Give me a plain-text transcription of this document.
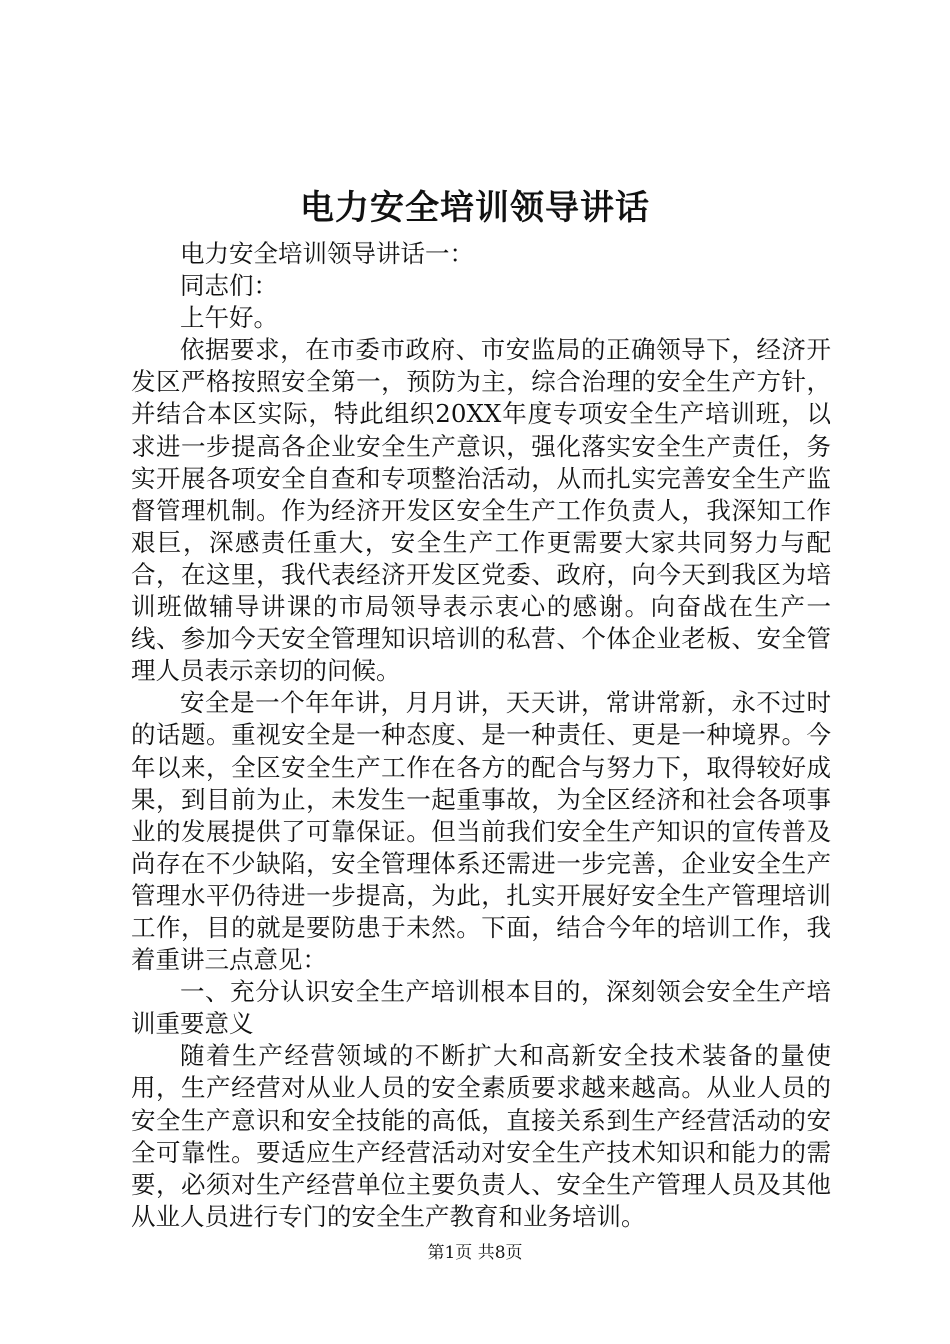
电力安全培训领导讲话

电力安全培训领导讲话一：

同志们：

上午好。

依据要求，在市委市政府、市安监局的正确领导下，经济开发区严格按照安全第一，预防为主，综合治理的安全生产方针，并结合本区实际，特此组织20XX年度专项安全生产培训班，以求进一步提高各企业安全生产意识，强化落实安全生产责任，务实开展各项安全自查和专项整治活动，从而扎实完善安全生产监督管理机制。作为经济开发区安全生产工作负责人，我深知工作艰巨，深感责任重大，安全生产工作更需要大家共同努力与配合，在这里，我代表经济开发区党委、政府，向今天到我区为培训班做辅导讲课的市局领导表示衷心的感谢。向奋战在生产一线、参加今天安全管理知识培训的私营、个体企业老板、安全管理人员表示亲切的问候。

安全是一个年年讲，月月讲，天天讲，常讲常新，永不过时的话题。重视安全是一种态度、是一种责任、更是一种境界。今年以来，全区安全生产工作在各方的配合与努力下，取得较好成果，到目前为止，未发生一起重事故，为全区经济和社会各项事业的发展提供了可靠保证。但当前我们安全生产知识的宣传普及尚存在不少缺陷，安全管理体系还需进一步完善，企业安全生产管理水平仍待进一步提高，为此，扎实开展好安全生产管理培训工作，目的就是要防患于未然。下面，结合今年的培训工作，我着重讲三点意见：

一、充分认识安全生产培训根本目的，深刻领会安全生产培训重要意义

随着生产经营领域的不断扩大和高新安全技术装备的量使用，生产经营对从业人员的安全素质要求越来越高。从业人员的安全生产意识和安全技能的高低，直接关系到生产经营活动的安全可靠性。要适应生产经营活动对安全生产技术知识和能力的需要，必须对生产经营单位主要负责人、安全生产管理人员及其他从业人员进行专门的安全生产教育和业务培训。

第1页 共8页
